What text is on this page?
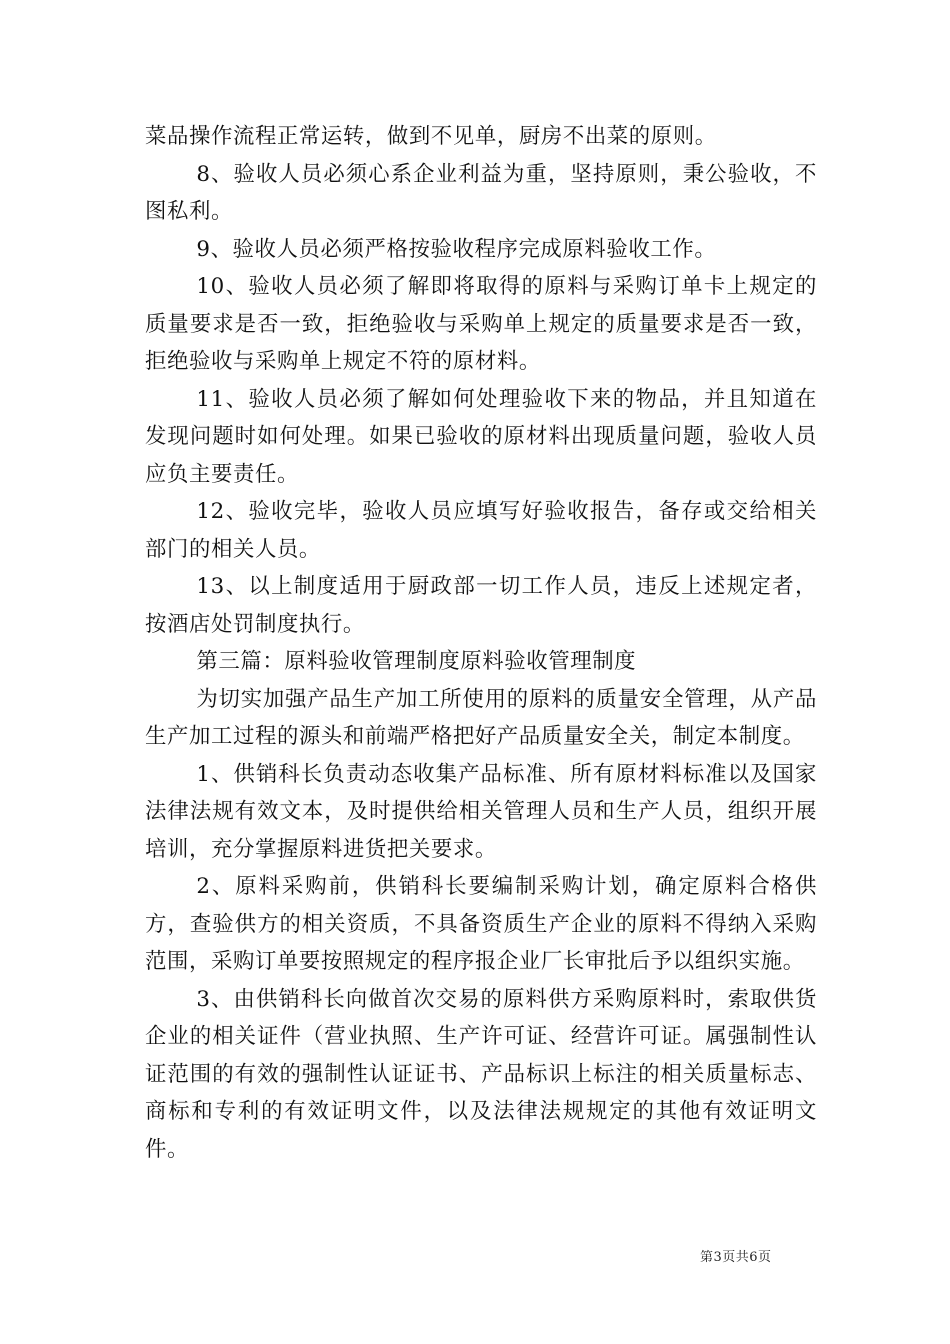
菜品操作流程正常运转，做到不见单，厨房不出菜的原则。

8、验收人员必须心系企业利益为重，坚持原则，秉公验收，不图私利。

9、验收人员必须严格按验收程序完成原料验收工作。

10、验收人员必须了解即将取得的原料与采购订单卡上规定的质量要求是否一致，拒绝验收与采购单上规定的质量要求是否一致，拒绝验收与采购单上规定不符的原材料。

11、验收人员必须了解如何处理验收下来的物品，并且知道在发现问题时如何处理。如果已验收的原材料出现质量问题，验收人员应负主要责任。

12、验收完毕，验收人员应填写好验收报告，备存或交给相关部门的相关人员。

13、以上制度适用于厨政部一切工作人员，违反上述规定者，按酒店处罚制度执行。

第三篇：原料验收管理制度原料验收管理制度

为切实加强产品生产加工所使用的原料的质量安全管理，从产品生产加工过程的源头和前端严格把好产品质量安全关，制定本制度。

1、供销科长负责动态收集产品标准、所有原材料标准以及国家法律法规有效文本，及时提供给相关管理人员和生产人员，组织开展培训，充分掌握原料进货把关要求。

2、原料采购前，供销科长要编制采购计划，确定原料合格供方，查验供方的相关资质，不具备资质生产企业的原料不得纳入采购范围，采购订单要按照规定的程序报企业厂长审批后予以组织实施。

3、由供销科长向做首次交易的原料供方采购原料时，索取供货企业的相关证件（营业执照、生产许可证、经营许可证。属强制性认证范围的有效的强制性认证证书、产品标识上标注的相关质量标志、商标和专利的有效证明文件，以及法律法规规定的其他有效证明文件。

第3页共6页
